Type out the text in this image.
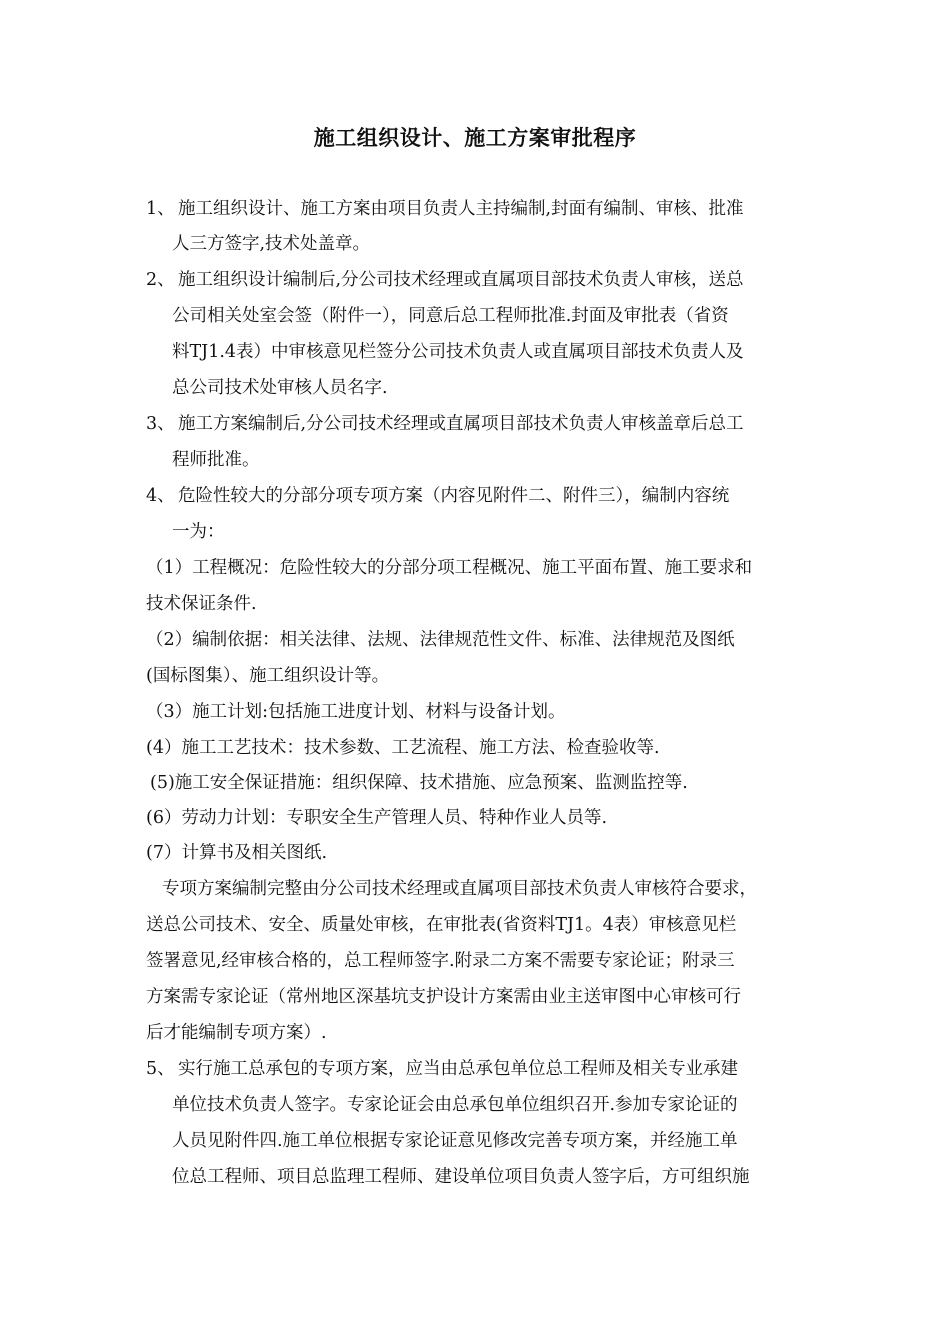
施工组织设计、施工方案审批程序
1、 施工组织设计、施工方案由项目负责人主持编制,封面有编制、审核、批准
人三方签字,技术处盖章。
2、 施工组织设计编制后,分公司技术经理或直属项目部技术负责人审核，送总
公司相关处室会签（附件一），同意后总工程师批准.封面及审批表（省资
料TJ1.4表）中审核意见栏签分公司技术负责人或直属项目部技术负责人及
总公司技术处审核人员名字.
3、 施工方案编制后,分公司技术经理或直属项目部技术负责人审核盖章后总工
程师批准。
4、 危险性较大的分部分项专项方案（内容见附件二、附件三），编制内容统
一为：
（1）工程概况：危险性较大的分部分项工程概况、施工平面布置、施工要求和
技术保证条件.
（2）编制依据：相关法律、法规、法律规范性文件、标准、法律规范及图纸
(国标图集）、施工组织设计等。
（3）施工计划:包括施工进度计划、材料与设备计划。
(4）施工工艺技术：技术参数、工艺流程、施工方法、检查验收等.
(5)施工安全保证措施：组织保障、技术措施、应急预案、监测监控等.
(6）劳动力计划：专职安全生产管理人员、特种作业人员等.
(7）计算书及相关图纸.
专项方案编制完整由分公司技术经理或直属项目部技术负责人审核符合要求，
送总公司技术、安全、质量处审核，在审批表(省资料TJ1。4表）审核意见栏
签署意见,经审核合格的，总工程师签字.附录二方案不需要专家论证；附录三
方案需专家论证（常州地区深基坑支护设计方案需由业主送审图中心审核可行
后才能编制专项方案）.
5、 实行施工总承包的专项方案，应当由总承包单位总工程师及相关专业承建
单位技术负责人签字。专家论证会由总承包单位组织召开.参加专家论证的
人员见附件四.施工单位根据专家论证意见修改完善专项方案，并经施工单
位总工程师、项目总监理工程师、建设单位项目负责人签字后，方可组织施
